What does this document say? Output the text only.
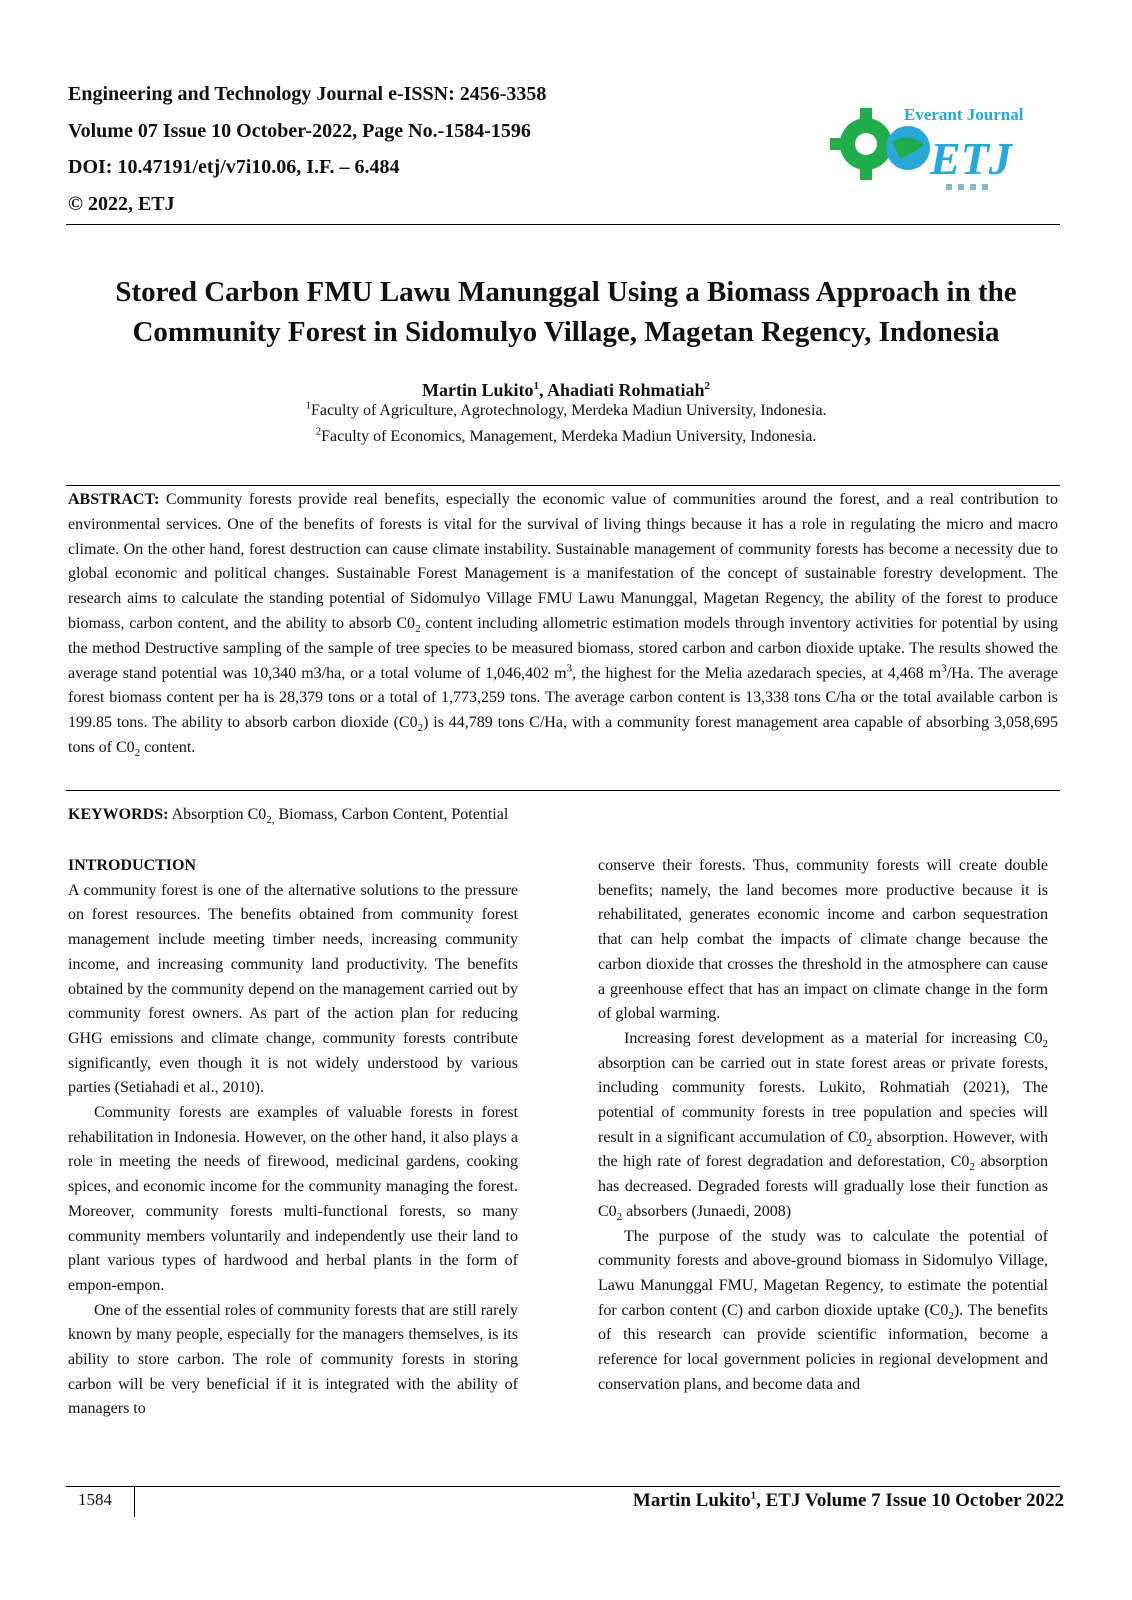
Engineering and Technology Journal e-ISSN: 2456-3358
Volume 07 Issue 10 October-2022, Page No.-1584-1596
DOI: 10.47191/etj/v7i10.06, I.F. – 6.484
© 2022, ETJ
Everant Journal
ETJ
Stored Carbon FMU Lawu Manunggal Using a Biomass Approach in the
Community Forest in Sidomulyo Village, Magetan Regency, Indonesia
Martin Lukito$^1$, Ahadiati Rohmatiah$^2$
$^1$Faculty of Agriculture, Agrotechnology, Merdeka Madiun University, Indonesia.
$^2$Faculty of Economics, Management, Merdeka Madiun University, Indonesia.
ABSTRACT: Community forests provide real benefits, especially the economic value of communities around the forest, and a real contribution to environmental services. One of the benefits of forests is vital for the survival of living things because it has a role in regulating the micro and macro climate. On the other hand, forest destruction can cause climate instability. Sustainable management of community forests has become a necessity due to global economic and political changes. Sustainable Forest Management is a manifestation of the concept of sustainable forestry development. The research aims to calculate the standing potential of Sidomulyo Village FMU Lawu Manunggal, Magetan Regency, the ability of the forest to produce biomass, carbon content, and the ability to absorb $C0_2$ content including allometric estimation models through inventory activities for potential by using the method Destructive sampling of the sample of tree species to be measured biomass, stored carbon and carbon dioxide uptake. The results showed the average stand potential was 10,340 m3/ha, or a total volume of 1,046,402 $m^3$, the highest for the Melia azedarach species, at 4,468 $m^3/Ha$. The average forest biomass content per ha is 28,379 tons or a total of 1,773,259 tons. The average carbon content is 13,338 tons C/ha or the total available carbon is 199.85 tons. The ability to absorb carbon dioxide $(C0_2)$ is 44,789 tons C/Ha, with a community forest management area capable of absorbing 3,058,695 tons of $C0_2$ content.
KEYWORDS: Absorption $C0_{2,}$ Biomass, Carbon Content, Potential

INTRODUCTION

A community forest is one of the alternative solutions to the pressure on forest resources. The benefits obtained from community forest management include meeting timber needs, increasing community income, and increasing community land productivity. The benefits obtained by the community depend on the management carried out by community forest owners. As part of the action plan for reducing GHG emissions and climate change, community forests contribute significantly, even though it is not widely understood by various parties (Setiahadi et al., 2010).

Community forests are examples of valuable forests in forest rehabilitation in Indonesia. However, on the other hand, it also plays a role in meeting the needs of firewood, medicinal gardens, cooking spices, and economic income for the community managing the forest. Moreover, community forests multi-functional forests, so many community members voluntarily and independently use their land to plant various types of hardwood and herbal plants in the form of empon-empon.

One of the essential roles of community forests that are still rarely known by many people, especially for the managers themselves, is its ability to store carbon. The role of community forests in storing carbon will be very beneficial if it is integrated with the ability of managers to

conserve their forests. Thus, community forests will create double benefits; namely, the land becomes more productive because it is rehabilitated, generates economic income and carbon sequestration that can help combat the impacts of climate change because the carbon dioxide that crosses the threshold in the atmosphere can cause a greenhouse effect that has an impact on climate change in the form of global warming.

Increasing forest development as a material for increasing $C0_2$ absorption can be carried out in state forest areas or private forests, including community forests. Lukito, Rohmatiah (2021), The potential of community forests in tree population and species will result in a significant accumulation of $C0_2$ absorption. However, with the high rate of forest degradation and deforestation, $C0_2$ absorption has decreased. Degraded forests will gradually lose their function as $C0_2$ absorbers (Junaedi, 2008)

The purpose of the study was to calculate the potential of community forests and above-ground biomass in Sidomulyo Village, Lawu Manunggal FMU, Magetan Regency, to estimate the potential for carbon content (C) and carbon dioxide uptake $(C0_2)$. The benefits of this research can provide scientific information, become a reference for local government policies in regional development and conservation plans, and become data and

1584	Martin Lukito$^1$, ETJ Volume 7 Issue 10 October 2022
